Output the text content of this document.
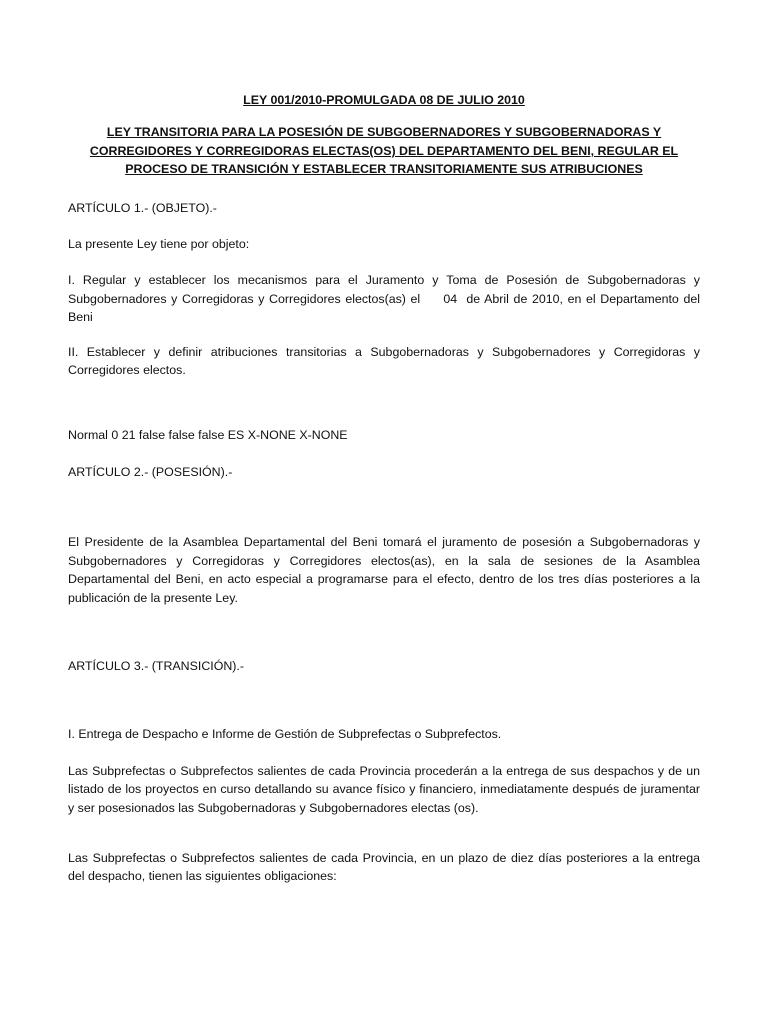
LEY 001/2010-PROMULGADA 08 DE JULIO 2010

LEY TRANSITORIA PARA LA POSESIÓN DE SUBGOBERNADORES Y SUBGOBERNADORAS Y CORREGIDORES Y CORREGIDORAS ELECTAS(OS) DEL DEPARTAMENTO DEL BENI, REGULAR EL PROCESO DE TRANSICIÓN Y ESTABLECER TRANSITORIAMENTE SUS ATRIBUCIONES

ARTÍCULO 1.- (OBJETO).-

La presente Ley tiene por objeto:

I. Regular y establecer los mecanismos para el Juramento y Toma de Posesión de Subgobernadoras y Subgobernadores y Corregidoras y Corregidores electos(as) el     04  de Abril de 2010, en el Departamento del Beni

II. Establecer y definir atribuciones transitorias a Subgobernadoras y Subgobernadores y Corregidoras y Corregidores electos.

Normal 0 21 false false false ES X-NONE X-NONE

ARTÍCULO 2.- (POSESIÓN).-

El Presidente de la Asamblea Departamental del Beni tomará el juramento de posesión a Subgobernadoras y Subgobernadores y Corregidoras y Corregidores electos(as), en la sala de sesiones de la Asamblea Departamental del Beni, en acto especial a programarse para el efecto, dentro de los tres días posteriores a la publicación de la presente Ley.

ARTÍCULO 3.- (TRANSICIÓN).-

I. Entrega de Despacho e Informe de Gestión de Subprefectas o Subprefectos.

Las Subprefectas o Subprefectos salientes de cada Provincia procederán a la entrega de sus despachos y de un listado de los proyectos en curso detallando su avance físico y financiero, inmediatamente después de juramentar y ser posesionados las Subgobernadoras y Subgobernadores electas (os).

Las Subprefectas o Subprefectos salientes de cada Provincia, en un plazo de diez días posteriores a la entrega del despacho, tienen las siguientes obligaciones:
